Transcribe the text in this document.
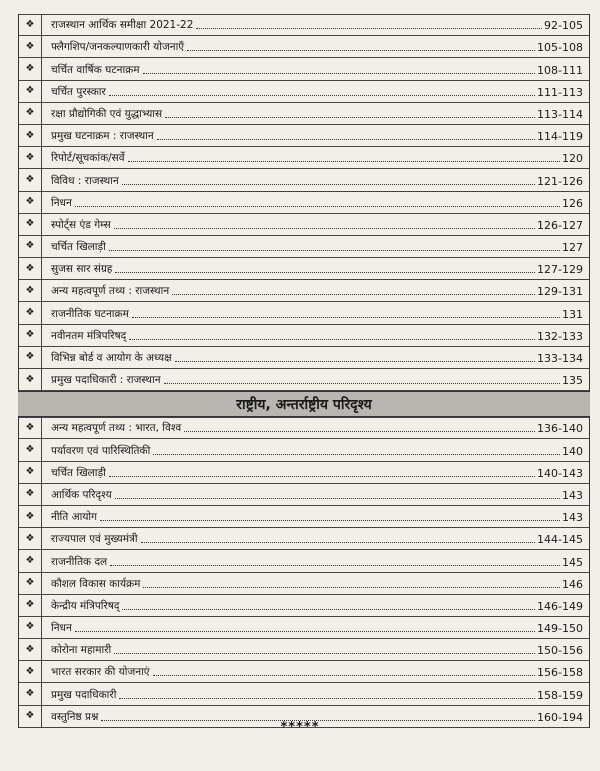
❖	राजस्थान आर्थिक समीक्षा 2021-22	92-105
❖	फ्लैगशिप/जनकल्याणकारी योजनाएँ	105-108
❖	चर्चित वार्षिक घटनाक्रम	108-111
❖	चर्चित पुरस्कार	111-113
❖	रक्षा प्रौद्योगिकी एवं युद्धाभ्यास	113-114
❖	प्रमुख घटनाक्रम : राजस्थान	114-119
❖	रिपोर्ट/सूचकांक/सर्वे	120
❖	विविध : राजस्थान	121-126
❖	निधन	126
❖	स्पोर्ट्स एंड गेम्स	126-127
❖	चर्चित खिलाड़ी	127
❖	सुजस सार संग्रह	127-129
❖	अन्य महत्वपूर्ण तथ्य : राजस्थान	129-131
❖	राजनीतिक घटनाक्रम	131
❖	नवीनतम मंत्रिपरिषद्	132-133
❖	विभिन्न बोर्ड व आयोग के अध्यक्ष	133-134
❖	प्रमुख पदाधिकारी : राजस्थान	135
राष्ट्रीय, अन्तर्राष्ट्रीय परिदृश्य
❖	अन्य महत्वपूर्ण तथ्य : भारत, विश्व	136-140
❖	पर्यावरण एवं पारिस्थितिकी	140
❖	चर्चित खिलाड़ी	140-143
❖	आर्थिक परिदृश्य	143
❖	नीति आयोग	143
❖	राज्यपाल एवं मुख्यमंत्री	144-145
❖	राजनीतिक दल	145
❖	कौशल विकास कार्यक्रम	146
❖	केन्द्रीय मंत्रिपरिषद्	146-149
❖	निधन	149-150
❖	कोरोना महामारी	150-156
❖	भारत सरकार की योजनाएं	156-158
❖	प्रमुख पदाधिकारी	158-159
❖	वस्तुनिष्ठ प्रश्न	160-194
*****
